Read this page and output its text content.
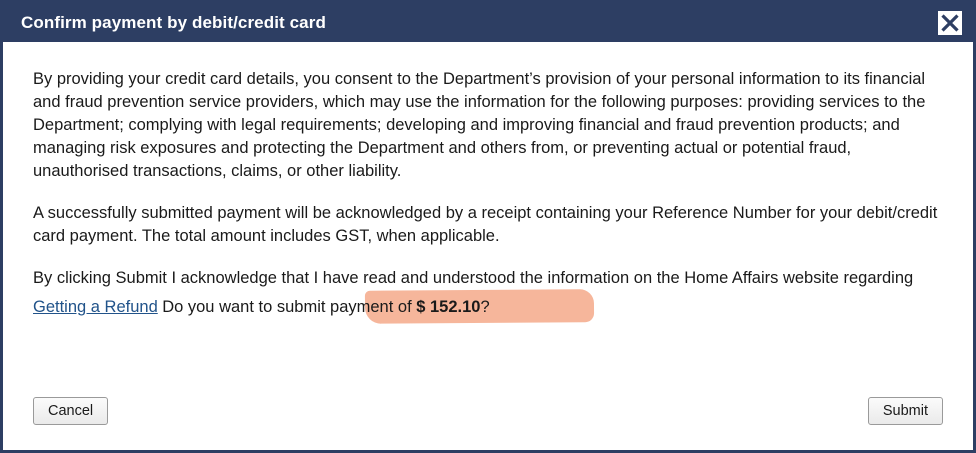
Confirm payment by debit/credit card

By providing your credit card details, you consent to the Department’s provision of your personal information to its financial and fraud prevention service providers, which may use the information for the following purposes: providing services to the Department; complying with legal requirements; developing and improving financial and fraud prevention products; and managing risk exposures and protecting the Department and others from, or preventing actual or potential fraud, unauthorised transactions, claims, or other liability.

A successfully submitted payment will be acknowledged by a receipt containing your Reference Number for your debit/credit card payment. The total amount includes GST, when applicable.

By clicking Submit I acknowledge that I have read and understood the information on the Home Affairs website regarding

Getting a Refund Do you want to submit payment of $ 152.10?
Cancel	Submit
